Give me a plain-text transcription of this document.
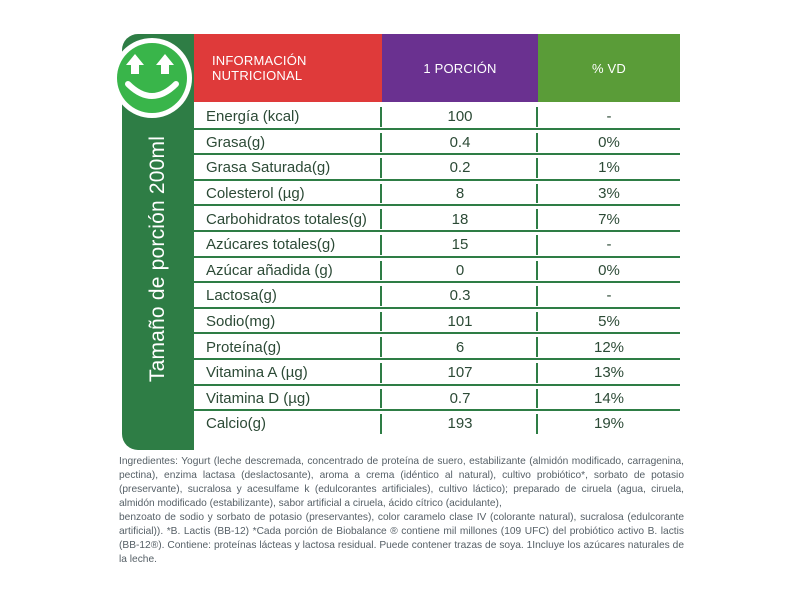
Tamaño de porción 200ml
INFORMACIÓN NUTRICIONAL	1 PORCIÓN	% VD
Energía (kcal)	100	-
Grasa(g)	0.4	0%
Grasa Saturada(g)	0.2	1%
Colesterol (µg)	8	3%
Carbohidratos totales(g)	18	7%
Azúcares totales(g)	15	-
Azúcar añadida (g)	0	0%
Lactosa(g)	0.3	-
Sodio(mg)	101	5%
Proteína(g)	6	12%
Vitamina A (µg)	107	13%
Vitamina D (µg)	0.7	14%
Calcio(g)	193	19%

Ingredientes: Yogurt (leche descremada, concentrado de proteína de suero, estabilizante (almidón modificado, carragenina, pectina), enzima lactasa (deslactosante), aroma a crema (idéntico al natural), cultivo probiótico*, sorbato de potasio (preservante), sucralosa y acesulfame k (edulcorantes artificiales), cultivo láctico); preparado de ciruela (agua, ciruela, almidón modificado (estabilizante), sabor artificial a ciruela, ácido cítrico (acidulante),

benzoato de sodio y sorbato de potasio (preservantes), color caramelo clase IV (colorante natural), sucralosa (edulcorante artificial)). *B. Lactis (BB-12) *Cada porción de Biobalance ® contiene mil millones (109 UFC) del probiótico activo B. lactis (BB-12®). Contiene: proteínas lácteas y lactosa residual. Puede contener trazas de soya. 1Incluye los azúcares naturales de la leche.
